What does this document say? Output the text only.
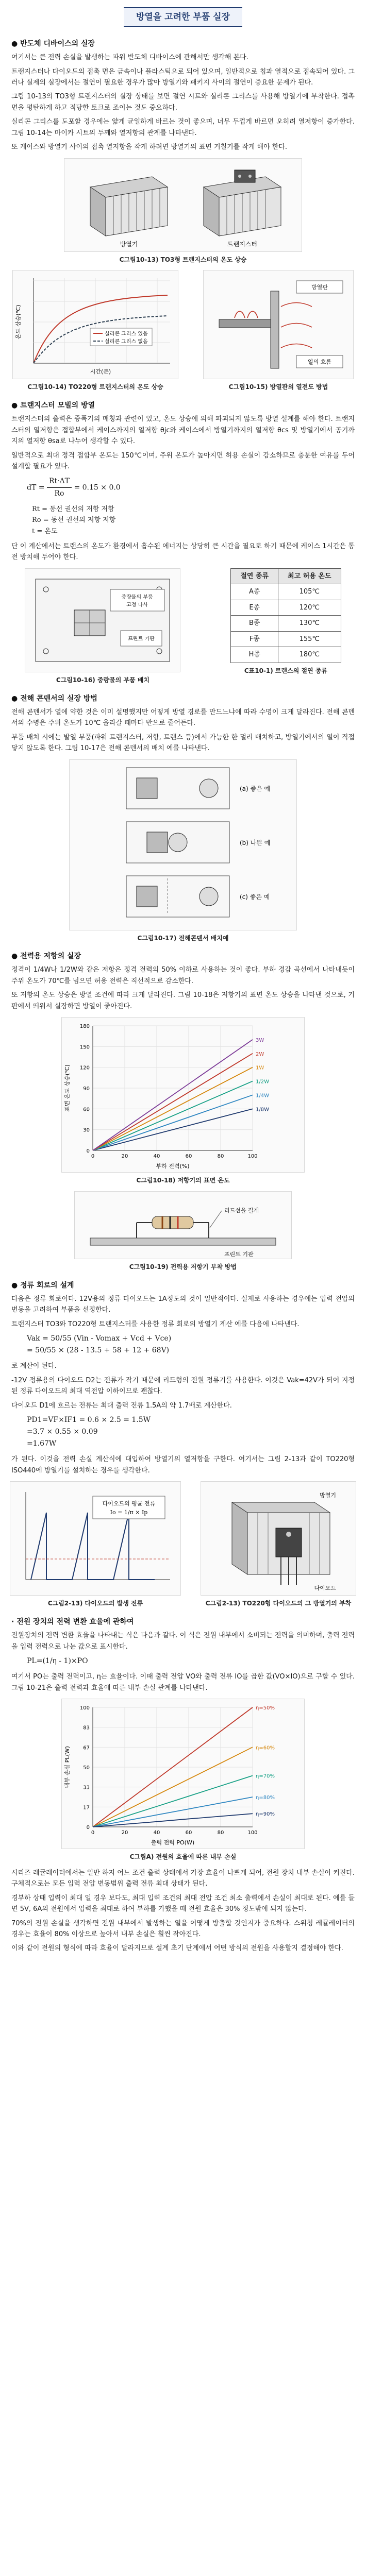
방열을 고려한 부품 실장
● 반도체 디바이스의 실장

여기서는 큰 전력 손실을 발생하는 파워 반도체 디바이스에 관해서만 생각해 본다.

트랜지스터나 다이오드의 접촉 면은 금속이나 플라스틱으로 되어 있으며, 일반적으로 칩과 열적으로 접속되어 있다. 그러나 실제의 실장에서는 절연이 필요한 경우가 많아 방열기와 패키지 사이의 절연이 중요한 문제가 된다.

그림 10-13의 TO3형 트랜지스터의 실장 상태를 보면 절연 시트와 실리콘 그리스를 사용해 방열기에 부착한다. 접촉 면을 평탄하게 하고 적당한 토크로 조이는 것도 중요하다.

실리콘 그리스를 도포할 경우에는 얇게 균일하게 바르는 것이 좋으며, 너무 두껍게 바르면 오히려 열저항이 증가한다. 그림 10-14는 마이카 시트의 두께와 열저항의 관계를 나타낸다.

또 케이스와 방열기 사이의 접촉 열저항을 작게 하려면 방열기의 표면 거칠기를 작게 해야 한다.

방열기	트랜지스터
C그림10-13) TO3형 트랜지스터의 온도 상승
실리콘 그리스 있음
실리콘 그리스 없음
시간(분)
온도 상승(℃)
C그림10-14) TO220형 트랜지스터의 온도 상승
방열판
열의 흐름
C그림10-15) 방열판의 열전도 방법
● 트랜지스터 모빌의 방열

트랜지스터의 출력은 증폭기의 매칭과 관련이 있고, 온도 상승에 의해 파괴되지 않도록 방열 설계를 해야 한다. 트랜지스터의 열저항은 접합부에서 케이스까지의 열저항 θjc와 케이스에서 방열기까지의 열저항 θcs 및 방열기에서 공기까지의 열저항 θsa로 나누어 생각할 수 있다.

일반적으로 최대 정격 접합부 온도는 150℃이며, 주위 온도가 높아지면 허용 손실이 감소하므로 충분한 여유를 두어 설계할 필요가 있다.

dT = $\frac{Rt\cdot\Delta T}{Ro} = 0.15 \times 0.0$
Rt = 동선 권선의 저항 저항
Ro = 동선 권선의 저항 저항
t = 온도

단 이 계산에서는 트랜스의 온도가 환경에서 흡수된 에너지는 상당히 큰 시간을 필요로 하기 때문에 케이스 1시간은 통전 방치해 두어야 한다.

중량물의 부품
고정 나사
프린트 기판
C그림10-16) 중량물의 부품 배치
절연 종류	최고 허용 온도
A종	105℃
E종	120℃
B종	130℃
F종	155℃
H종	180℃
C표10-1) 트랜스의 절연 종류
● 전해 콘덴서의 실장 방법

전해 콘덴서가 열에 약한 것은 이미 설명했지만 어떻게 방열 경로를 만드느냐에 따라 수명이 크게 달라진다. 전해 콘덴서의 수명은 주위 온도가 10℃ 올라갈 때마다 반으로 줄어든다.

부품 배치 시에는 발열 부품(파워 트랜지스터, 저항, 트랜스 등)에서 가능한 한 멀리 배치하고, 방열기에서의 열이 직접 닿지 않도록 한다. 그림 10-17은 전해 콘덴서의 배치 예를 나타낸다.

(a) 좋은 예
(b) 나쁜 예
(c) 좋은 예
C그림10-17) 전해콘덴서 배치예
● 전력용 저항의 실장

정격이 1/4W나 1/2W와 같은 저항은 정격 전력의 50% 이하로 사용하는 것이 좋다. 부하 경감 곡선에서 나타내듯이 주위 온도가 70℃를 넘으면 허용 전력은 직선적으로 감소한다.

또 저항의 온도 상승은 방열 조건에 따라 크게 달라진다. 그림 10-18은 저항기의 표면 온도 상승을 나타낸 것으로, 기판에서 띄워서 실장하면 방열이 좋아진다.

0
30
60
90
120
150
180
0	20	40	60	80	100
1/8W
1/4W
1/2W
1W
2W
3W
부하 전력(%)
표면 온도 상승(℃)
C그림10-18) 저항기의 표면 온도
리드선을 길게
프린트 기판
C그림10-19) 전력용 저항기 부착 방법
● 정류 회로의 설계

다음은 정류 회로이다. 12V용의 정류 다이오드는 1A정도의 것이 일반적이다. 실제로 사용하는 경우에는 입력 전압의 변동을 고려하여 부품을 선정한다.

트랜지스터 TO3와 TO220형 트랜지스터를 사용한 정류 회로의 방열기 계산 예를 다음에 나타낸다.

Vak = 50/55 (Vin - Vomax + Vcd + Vce)
= 50/55 × (28 - 13.5 + 58 + 12 + 68V)

로 계산이 된다.

-12V 정류용의 다이오드 D2는 전류가 작기 때문에 리드형의 전원 정류기를 사용한다. 이것은 Vak=42V가 되어 지정된 정류 다이오드의 최대 역전압 이하이므로 괜찮다.

다이오드 D1에 흐르는 전류는 최대 출력 전류 1.5A의 약 1.7배로 계산한다.

PD1=VF×IF1 = 0.6 × 2.5 = 1.5W
=3.7 × 0.55 × 0.09
=1.67W

가 된다. 이것을 전력 손실 계산식에 대입하여 방열기의 열저항을 구한다. 여기서는 그림 2-13과 같이 TO220형 ISO440에 방열기를 설치하는 경우를 생각한다.

다이오드의 평균 전류
Io = 1/π × Ip
C그림2-13) 다이오드의 발생 전류
방열기
다이오드
C그림2-13) TO220형 다이오드의 그 방열기의 부착
· 전원 장치의 전력 변환 효율에 관하여

전원장치의 전력 변환 효율을 나타내는 식은 다음과 같다. 이 식은 전원 내부에서 소비되는 전력을 의미하며, 출력 전력을 입력 전력으로 나눈 값으로 표시한다.

PL=(1/η - 1)×PO

여기서 PO는 출력 전력이고, η는 효율이다. 이때 출력 전압 VO와 출력 전류 IO를 곱한 값(VO×IO)으로 구할 수 있다. 그림 10-21은 출력 전력과 효율에 따른 내부 손실 관계를 나타낸다.

0
17
33
50
67
83
100
0	20	40	60	80	100
η=50%
η=60%
η=70%
η=80%
η=90%
출력 전력 PO(W)
내부 손실 PL(W)
C그림A) 전원의 효율에 따른 내부 손실

시리즈 레귤레이터에서는 일반 하지 어느 조건 출력 상태에서 가장 효율이 나쁘게 되어, 전원 장치 내부 손실이 커진다. 구체적으로는 모든 입력 전압 변동범위 출력 전류 최대 상태가 된다.

경부하 상태 입력이 최대 일 경우 보다도, 최대 입력 조건의 최대 전압 조건 최소 출력에서 손실이 최대로 된다. 예를 들면 5V, 6A의 전원에서 입력을 최대로 하여 부하를 가했을 때 전원 효율은 30% 정도밖에 되지 않는다.

70%의 전원 손실을 생각하면 전원 내부에서 발생하는 열을 어떻게 방출할 것인지가 중요하다. 스위칭 레귤레이터의 경우는 효율이 80% 이상으로 높아서 내부 손실은 훨씬 작아진다.

이와 같이 전원의 형식에 따라 효율이 달라지므로 설계 초기 단계에서 어떤 방식의 전원을 사용할지 결정해야 한다.
